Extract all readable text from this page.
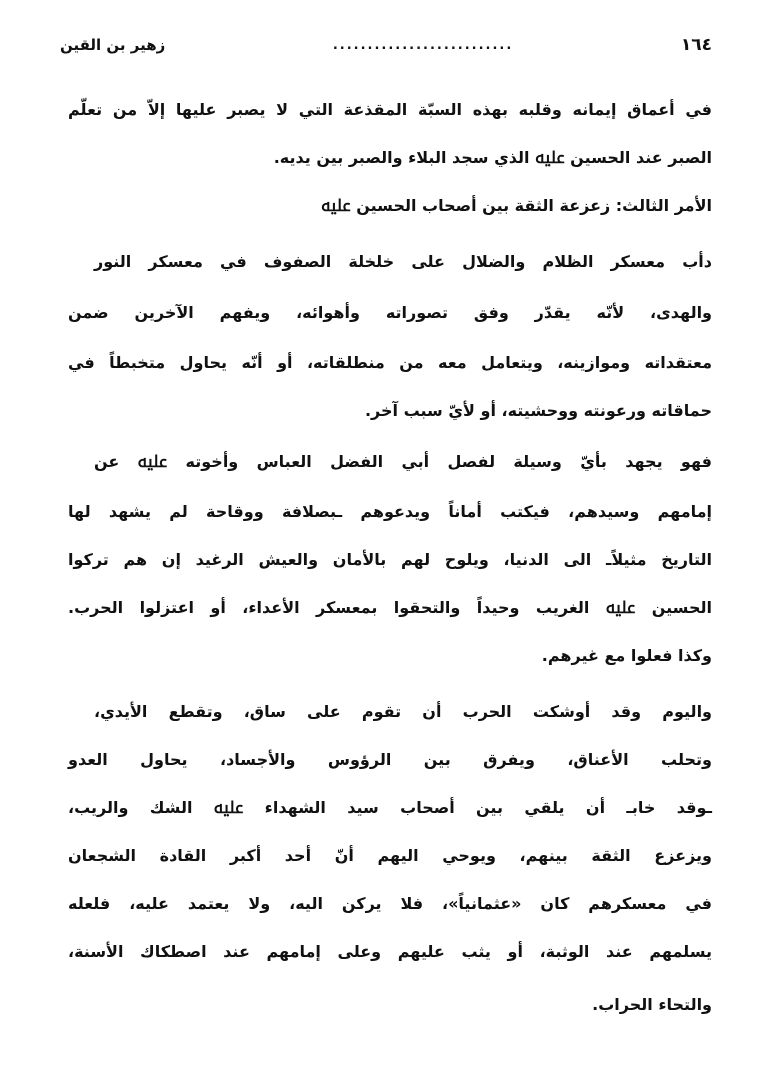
١٦٤
..........................
زهير بن القين
في أعماق إيمانه وقلبه بهذه السبّة المقذعة التي لا يصبر عليها إلاّ من تعلّم
الصبر عند الحسين ﷷ الذي سجد البلاء والصبر بين يديه.
الأمر الثالث: زعزعة الثقة بين أصحاب الحسين ﷷ
دأب معسكر الظلام والضلال على خلخلة الصفوف في معسكر النور
والهدى، لأنّه يقدّر وفق تصوراته وأهوائه، ويفهم الآخرين ضمن
معتقداته وموازينه، ويتعامل معه من منطلقاته، أو أنّه يحاول متخبطاً في
حماقاته ورعونته ووحشيته، أو لأيّ سبب آخر.
فهو يجهد بأيّ وسيلة لفصل أبي الفضل العباس وأخوته ﷷ عن
إمامهم وسيدهم، فيكتب أماناً ويدعوهم ـبصلافة ووقاحة لم يشهد لها
التاريخ مثيلاًـ الى الدنيا، ويلوح لهم بالأمان والعيش الرغيد إن هم تركوا
الحسين ﷷ الغريب وحيداً والتحقوا بمعسكر الأعداء، أو اعتزلوا الحرب.
وكذا فعلوا مع غيرهم.
واليوم وقد أوشكت الحرب أن تقوم على ساق، وتقطع الأيدي،
وتحلب الأعناق، ويفرق بين الرؤوس والأجساد، يحاول العدو
ـوقد خابـ أن يلقي بين أصحاب سيد الشهداء ﷷ الشك والريب،
ويزعزع الثقة بينهم، ويوحي اليهم أنّ أحد أكبر القادة الشجعان
في معسكرهم كان «عثمانياً»، فلا يركن اليه، ولا يعتمد عليه، فلعله
يسلمهم عند الوثبة، أو يثب عليهم وعلى إمامهم عند اصطكاك الأسنة،
والتحاء الحراب.
